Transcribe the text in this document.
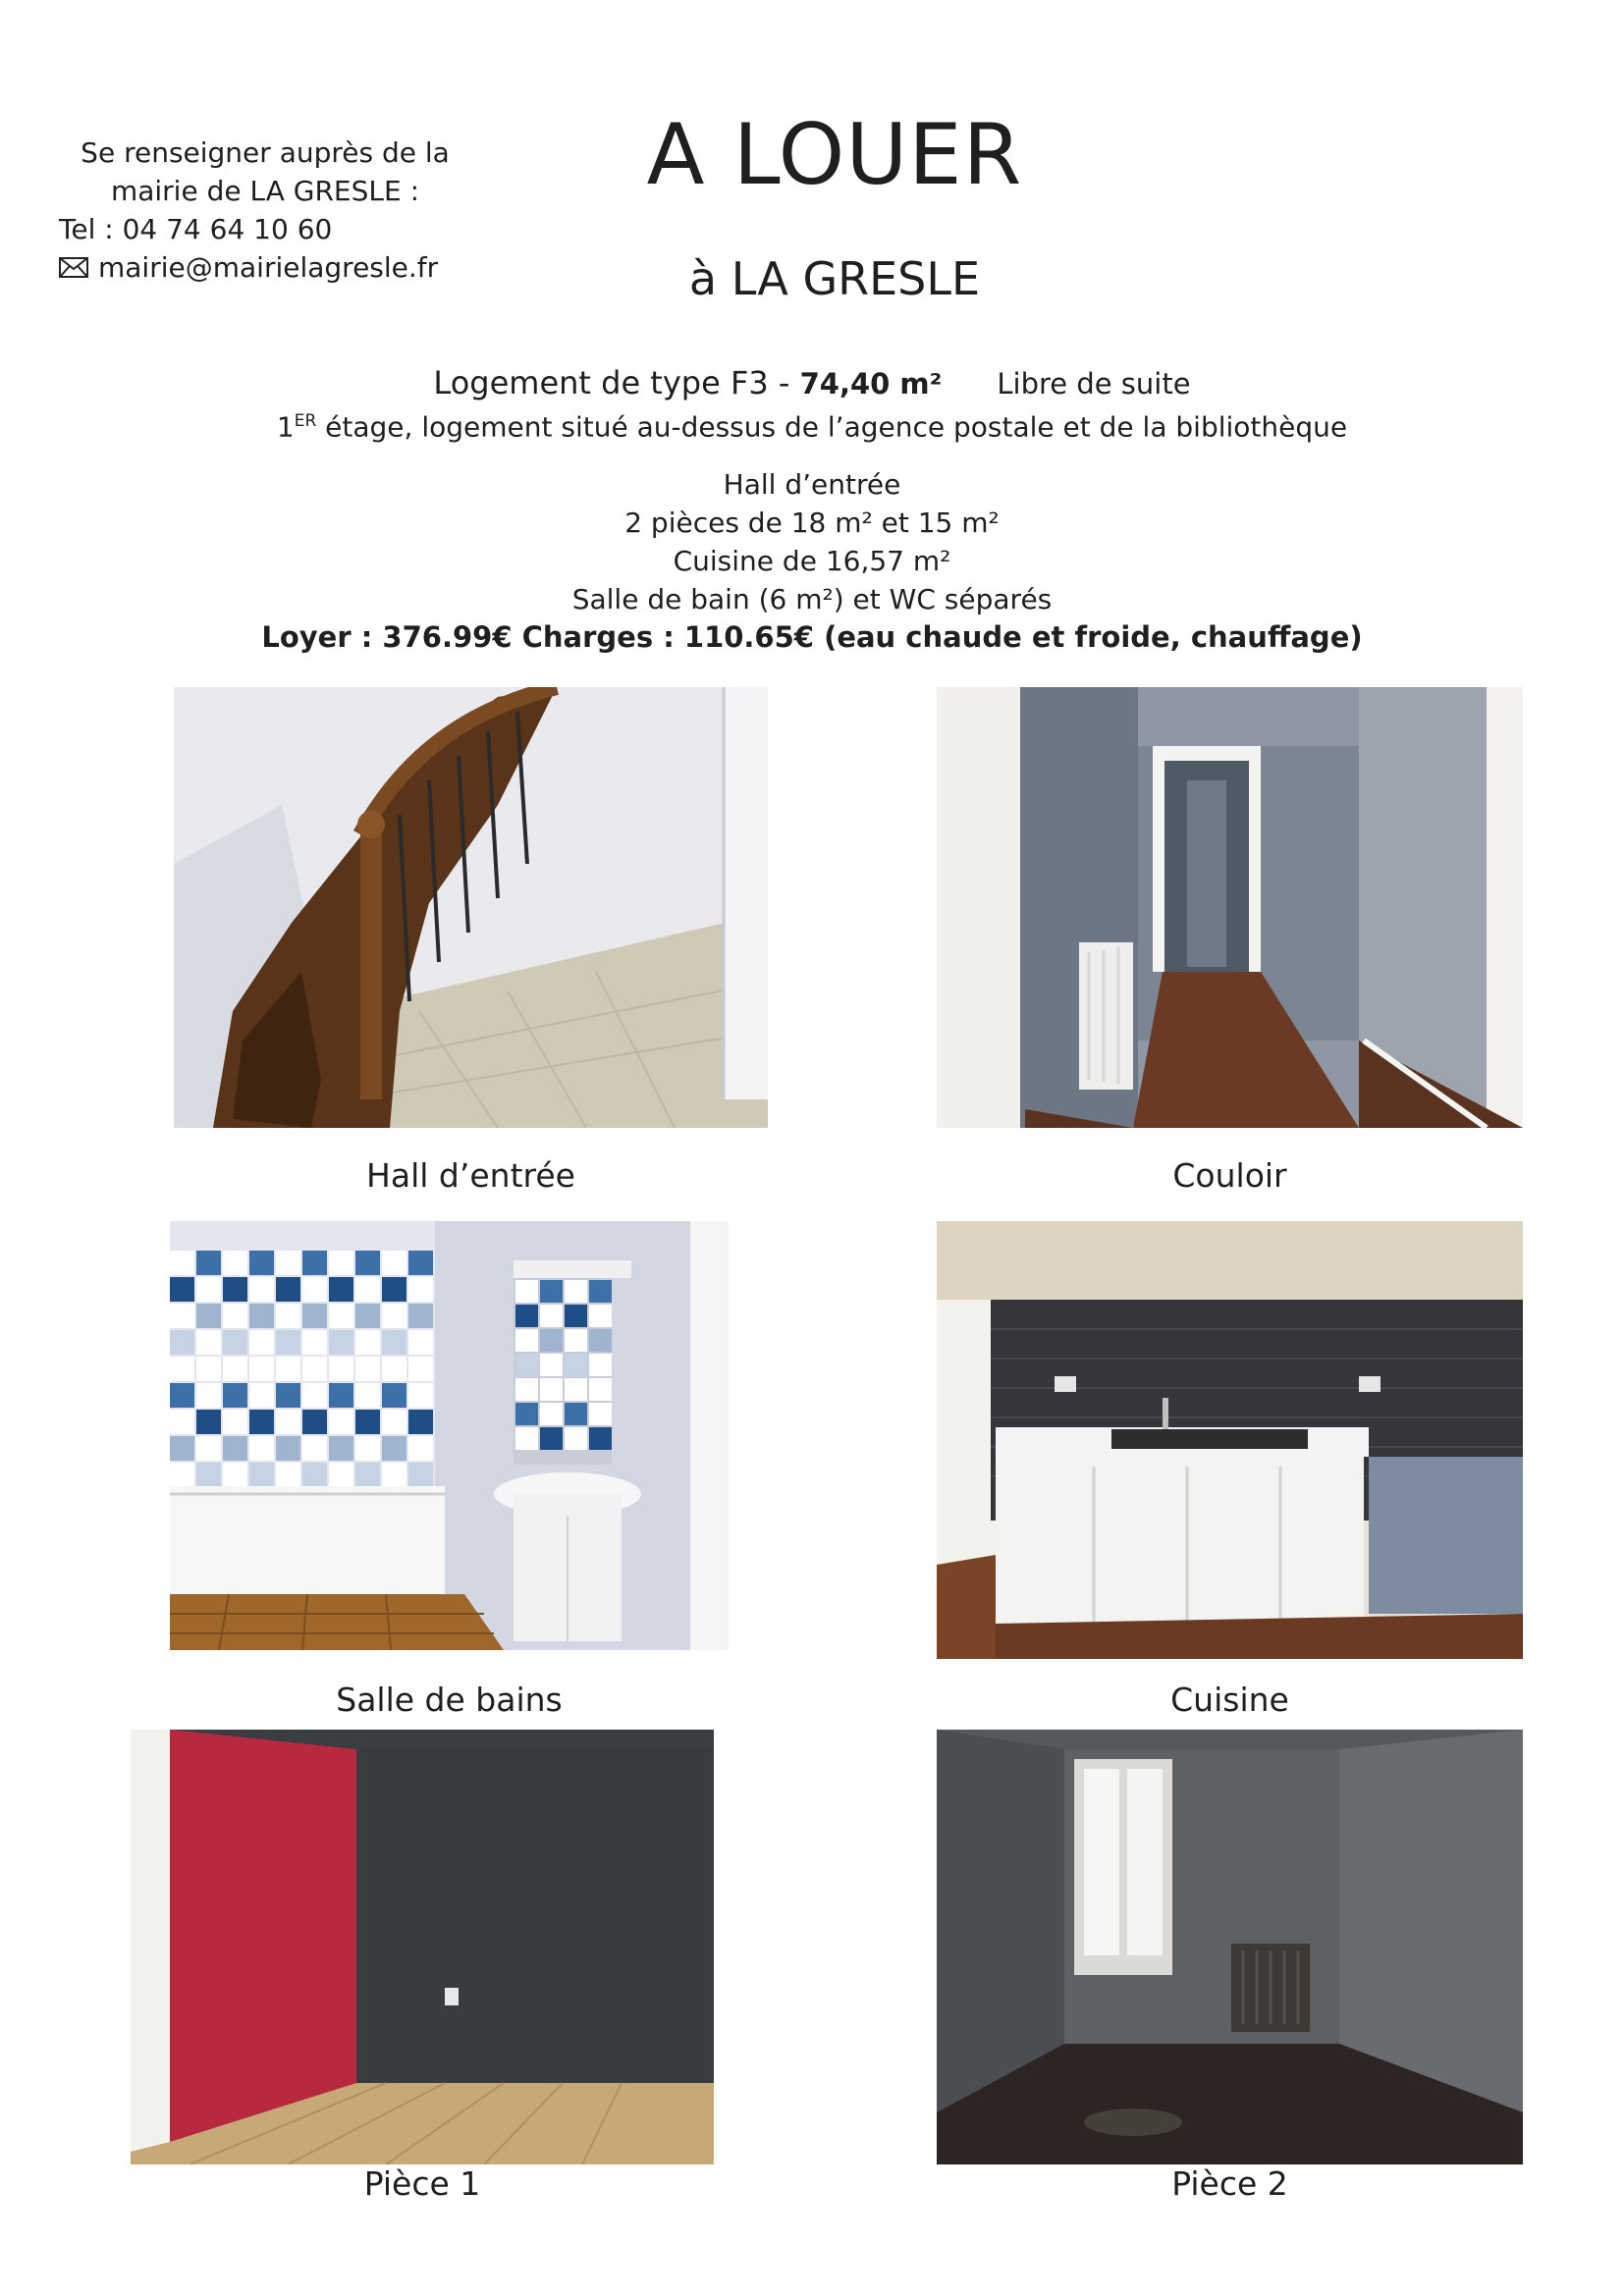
Se renseigner auprès de la
mairie de LA GRESLE :
Tel : 04 74 64 10 60
mairie@mairielagresle.fr
A LOUER
à LA GRESLE
Logement de type F3 - 74,40 m² Libre de suite
1ER étage, logement situé au-dessus de l’agence postale et de la bibliothèque
Hall d’entrée
2 pièces de 18 m² et 15 m²
Cuisine de 16,57 m²
Salle de bain (6 m²) et WC séparés
Loyer : 376.99€ Charges : 110.65€ (eau chaude et froide, chauffage)
Hall d’entrée	Couloir
Salle de bains	Cuisine
Pièce 1	Pièce 2
